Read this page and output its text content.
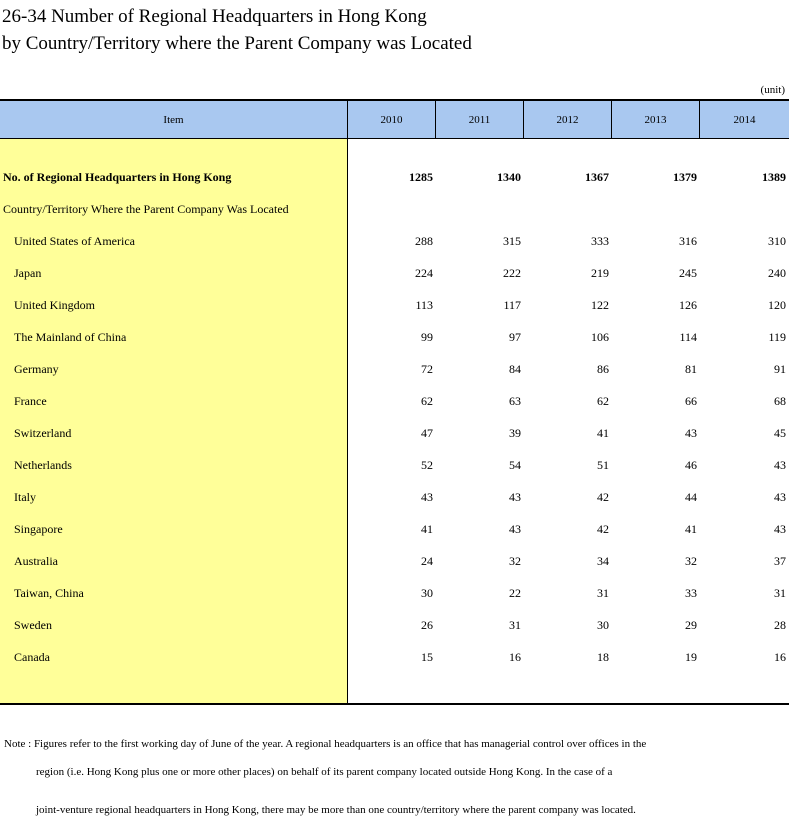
26-34 Number of Regional Headquarters in Hong Kong
by Country/Territory where the Parent Company was Located
(unit)
Item	2010	2011	2012	2013	2014
No. of Regional Headquarters in Hong Kong	1285	1340	1367	1379	1389
Country/Territory Where the Parent Company Was Located
United States of America	288	315	333	316	310
Japan	224	222	219	245	240
United Kingdom	113	117	122	126	120
The Mainland of China	99	97	106	114	119
Germany	72	84	86	81	91
France	62	63	62	66	68
Switzerland	47	39	41	43	45
Netherlands	52	54	51	46	43
Italy	43	43	42	44	43
Singapore	41	43	42	41	43
Australia	24	32	34	32	37
Taiwan, China	30	22	31	33	31
Sweden	26	31	30	29	28
Canada	15	16	18	19	16
Note : Figures refer to the first working day of June of the year. A regional headquarters is an office that has managerial control over offices in the
region (i.e. Hong Kong plus one or more other places) on behalf of its parent company located outside Hong Kong. In the case of a
joint-venture regional headquarters in Hong Kong, there may be more than one country/territory where the parent company was located.
